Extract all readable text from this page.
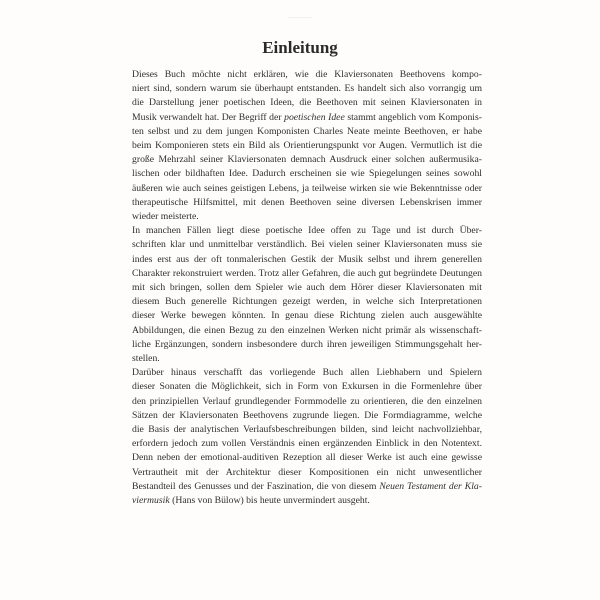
———
Einleitung

Dieses Buch möchte nicht erklären, wie die Klaviersonaten Beethovens kompo-
niert sind, sondern warum sie überhaupt entstanden. Es handelt sich also vorrangig um
die Darstellung jener poetischen Ideen, die Beethoven mit seinen Klaviersonaten in
Musik verwandelt hat. Der Begriff der poetischen Idee stammt angeblich vom Komponis-
ten selbst und zu dem jungen Komponisten Charles Neate meinte Beethoven, er habe
beim Komponieren stets ein Bild als Orientierungspunkt vor Augen. Vermutlich ist die
große Mehrzahl seiner Klaviersonaten demnach Ausdruck einer solchen außermusika-
lischen oder bildhaften Idee. Dadurch erscheinen sie wie Spiegelungen seines sowohl
äußeren wie auch seines geistigen Lebens, ja teilweise wirken sie wie Bekenntnisse oder
therapeutische Hilfsmittel, mit denen Beethoven seine diversen Lebenskrisen immer
wieder meisterte.

In manchen Fällen liegt diese poetische Idee offen zu Tage und ist durch Über-
schriften klar und unmittelbar verständlich. Bei vielen seiner Klaviersonaten muss sie
indes erst aus der oft tonmalerischen Gestik der Musik selbst und ihrem generellen
Charakter rekonstruiert werden. Trotz aller Gefahren, die auch gut begründete Deutungen
mit sich bringen, sollen dem Spieler wie auch dem Hörer dieser Klaviersonaten mit
diesem Buch generelle Richtungen gezeigt werden, in welche sich Interpretationen
dieser Werke bewegen könnten. In genau diese Richtung zielen auch ausgewählte
Abbildungen, die einen Bezug zu den einzelnen Werken nicht primär als wissenschaft-
liche Ergänzungen, sondern insbesondere durch ihren jeweiligen Stimmungsgehalt her-
stellen.

Darüber hinaus verschafft das vorliegende Buch allen Liebhabern und Spielern
dieser Sonaten die Möglichkeit, sich in Form von Exkursen in die Formenlehre über
den prinzipiellen Verlauf grundlegender Formmodelle zu orientieren, die den einzelnen
Sätzen der Klaviersonaten Beethovens zugrunde liegen. Die Formdiagramme, welche
die Basis der analytischen Verlaufsbeschreibungen bilden, sind leicht nachvollziehbar,
erfordern jedoch zum vollen Verständnis einen ergänzenden Einblick in den Notentext.
Denn neben der emotional-auditiven Rezeption all dieser Werke ist auch eine gewisse
Vertrautheit mit der Architektur dieser Kompositionen ein nicht unwesentlicher
Bestandteil des Genusses und der Faszination, die von diesem Neuen Testament der Kla-
viermusik (Hans von Bülow) bis heute unvermindert ausgeht.
